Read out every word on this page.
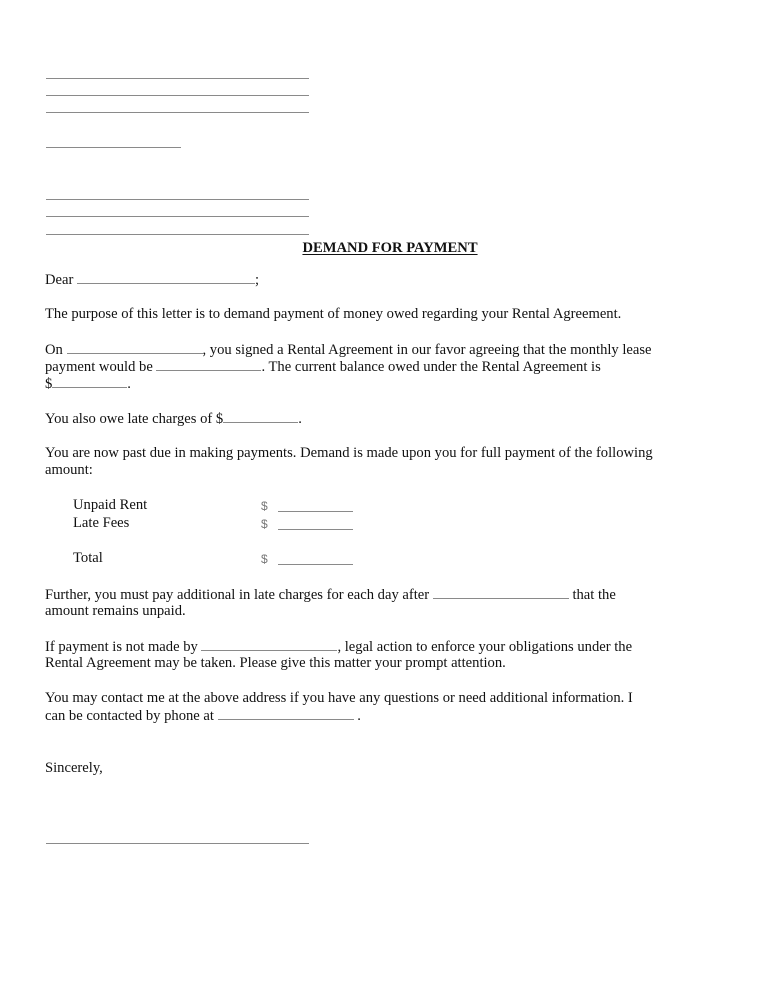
DEMAND FOR PAYMENT
Dear	;
The purpose of this letter is to demand payment of money owed regarding your Rental Agreement.
On	, you signed a Rental Agreement in our favor agreeing that the monthly lease
payment would be	. The current balance owed under the Rental Agreement is
$	.
You also owe late charges of $	.
You are now past due in making payments. Demand is made upon you for full payment of the following
amount:
Unpaid Rent	$
Late Fees	$
Total	$
Further, you must pay additional in late charges for each day after	that the
amount remains unpaid.
If payment is not made by	, legal action to enforce your obligations under the
Rental Agreement may be taken. Please give this matter your prompt attention.
You may contact me at the above address if you have any questions or need additional information. I
can be contacted by phone at	.
Sincerely,
